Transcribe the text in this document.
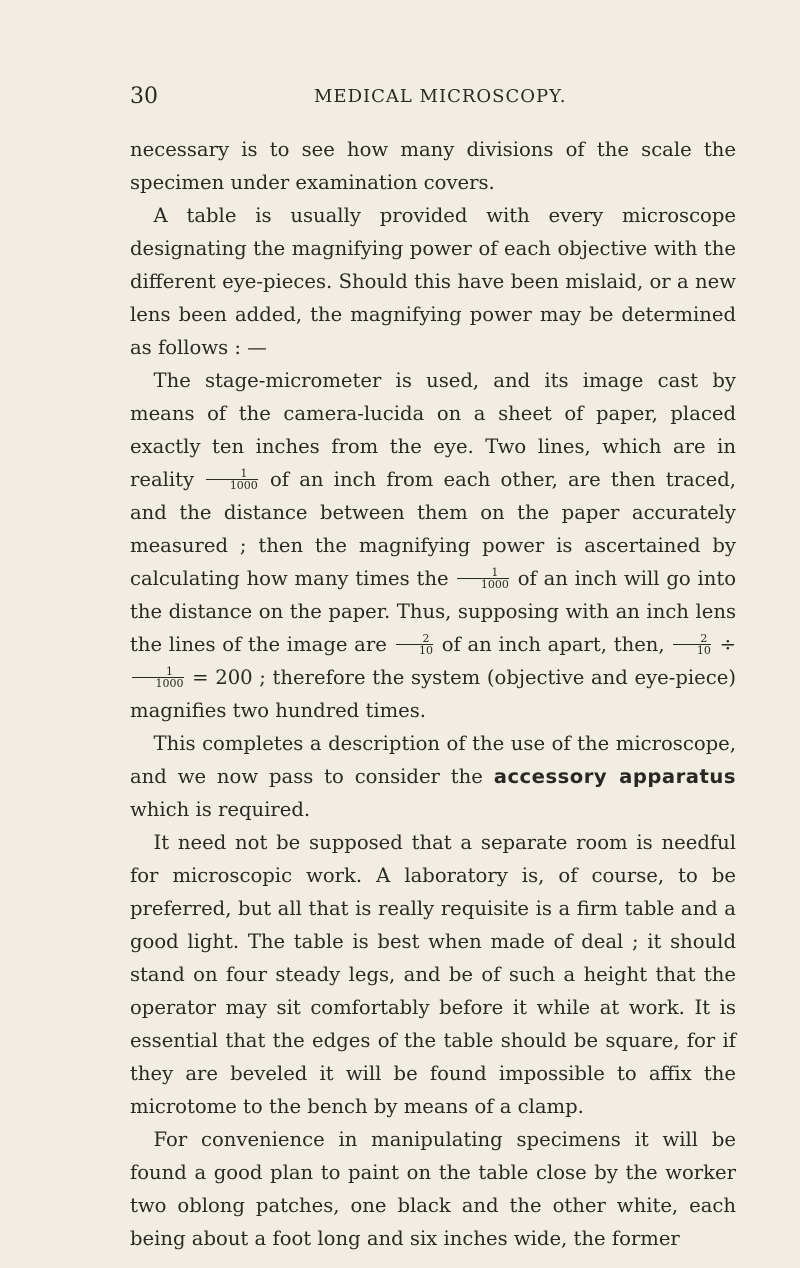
30	MEDICAL MICROSCOPY.

necessary is to see how many divisions of the scale the specimen under examination covers.

A table is usually provided with every microscope designating the magnifying power of each objective with the different eye-pieces. Should this have been mislaid, or a new lens been added, the magnifying power may be determined as follows : —

The stage-micrometer is used, and its image cast by means of the camera-lucida on a sheet of paper, placed exactly ten inches from the eye. Two lines, which are in reality $\frac{1}{1000}$ of an inch from each other, are then traced, and the distance between them on the paper accurately measured ; then the magnifying power is ascertained by calculating how many times the $\frac{1}{1000}$ of an inch will go into the distance on the paper. Thus, supposing with an inch lens the lines of the image are $\frac{2}{10}$ of an inch apart, then, $\frac{2}{10}$ ÷
$\frac{1}{1000} = 200$ ; therefore the system (objective and eye-piece) magnifies two hundred times.

This completes a description of the use of the microscope, and we now pass to consider the accessory apparatus which is required.

It need not be supposed that a separate room is needful for microscopic work. A laboratory is, of course, to be preferred, but all that is really requisite is a firm table and a good light. The table is best when made of deal ; it should stand on four steady legs, and be of such a height that the operator may sit comfortably before it while at work. It is essential that the edges of the table should be square, for if they are beveled it will be found impossible to affix the microtome to the bench by means of a clamp.

For convenience in manipulating specimens it will be found a good plan to paint on the table close by the worker two oblong patches, one black and the other white, each being about a foot long and six inches wide, the former
